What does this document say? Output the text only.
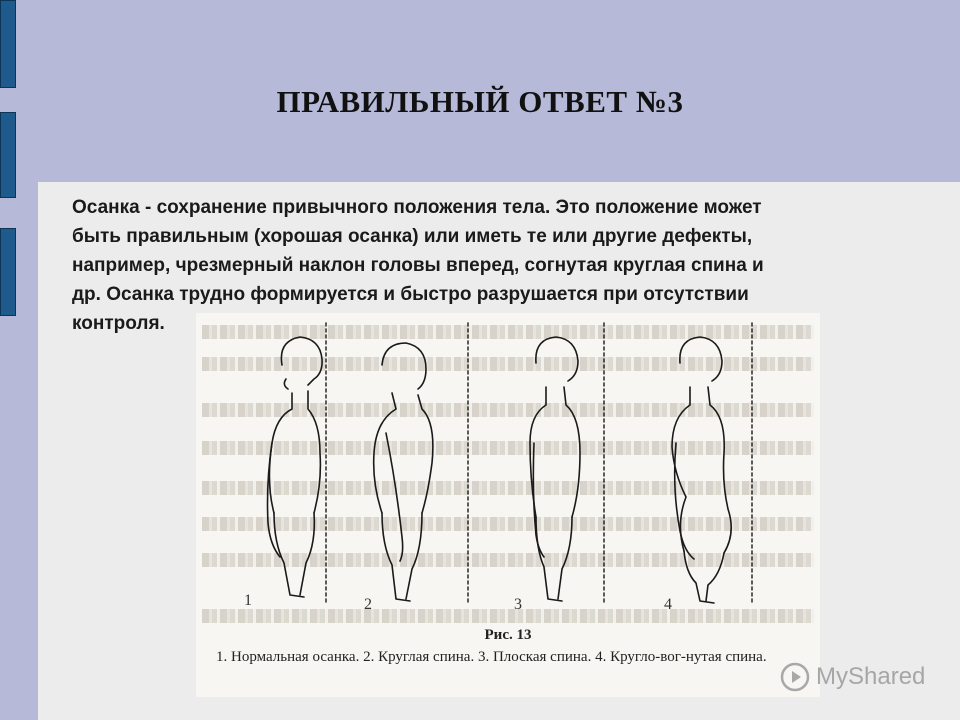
ПРАВИЛЬНЫЙ ОТВЕТ №3
Осанка - сохранение привычного положения тела. Это положение может
быть правильным (хорошая осанка) или иметь те или другие дефекты,
например, чрезмерный наклон головы вперед, согнутая круглая спина и
др. Осанка трудно формируется и быстро разрушается при отсутствии
контроля.
1	2	3	4
Рис. 13
1. Нормальная осанка. 2. Круглая спина. 3. Плоская спина. 4. Кругло-вог-нутая спина.
MyShared
